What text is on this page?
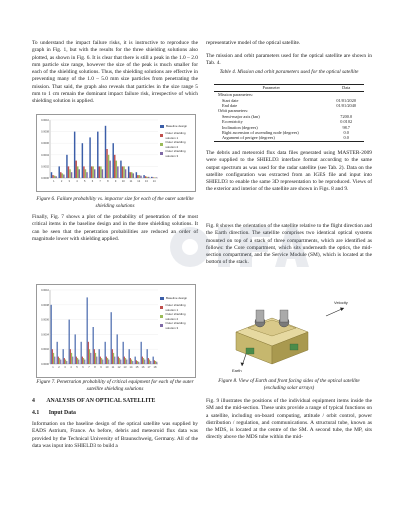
To understand the impact failure risks, it is instructive to reproduce the graph in Fig. 1, but with the results for the three shielding solutions also plotted, as shown in Fig. 6. It is clear that there is still a peak in the 1.0 – 2.0 mm particle size range, however the size of the peak is much smaller for each of the shielding solutions. Thus, the shielding solutions are effective in preventing many of the 1.0 – 5.0 mm size particles from penetrating the mission. That said, the graph also reveals that particles in the size range 5 mm to 1 cm remain the dominant impact failure risk, irrespective of which shielding solution is applied.

0.0000
0.0002
0.0004
0.0006
0.0008
0.0010
1 2 3 4 5 6 7 8 9 10 11 12 13 14
Baseline design
Outer shielding solution 1
Outer shielding solution 2
Outer shielding solution 3

Figure 6. Failure probability vs. impactor size for each of the outer satellite shielding solutions

Finally, Fig. 7 shows a plot of the probability of penetration of the most critical items in the baseline design and in the three shielding solutions. It can be seen that the penetration probabilities are reduced an order of magnitude lower with shielding applied.

0.0000
0.0002
0.0004
0.0006
0.0008
0.0010
1 2 3 4 5 6 7 8 9 10 11 12 13 14 15 16 17 18
Baseline design
Outer shielding solution 1
Outer shielding solution 2
Outer shielding solution 3

Figure 7. Penetration probability of critical equipment for each of the outer satellite shielding solutions

4 ANALYSIS OF AN OPTICAL SATELLITE
4.1 Input Data

Information on the baseline design of the optical satellite was supplied by EADS Astrium, France. As before, debris and meteoroid flux data was provided by the Technical University of Braunschweig, Germany. All of the data was input into SHIELD3 to build a

representative model of the optical satellite.

The mission and orbit parameters used for the optical satellite are shown in Tab. 4.

Table 4. Mission and orbit parameters used for the optical satellite

Parameter	Data
Mission parameters:	
Start date	01/01/2020
End date	01/01/2040
Orbit parameters:	
Semi-major axis (km)	7200.0
Eccentricity	0.0102
Inclination (degrees)	98.7
Right ascension of ascending node (degrees)	0.0
Argument of perigee (degrees)	0.0

The debris and meteoroid flux data files generated using MASTER-2009 were supplied to the SHIELD3 interface format according to the same output spectrum as was used for the radar satellite (see Tab. 2). Data on the satellite configuration was extracted from an IGES file and input into SHIELD3 to enable the same 3D representation to be reproduced. Views of the exterior and interior of the satellite are shown in Figs. 8 and 9.

Fig. 8 shows the orientation of the satellite relative to the flight direction and the Earth direction. The satellite comprises two identical optical systems mounted on top of a stack of three compartments, which are identified as follows: the Core compartment, which sits underneath the optics, the mid-section compartment, and the Service Module (SM), which is located at the bottom of the stack.

Velocity
Earth

Figure 8. View of Earth and front facing sides of the optical satellite (excluding solar arrays)

Fig. 9 illustrates the positions of the individual equipment items inside the SM and the mid-section. These units provide a range of typical functions on a satellite, including on-board computing, attitude / orbit control, power distribution / regulation, and communications. A structural tube, known as the MDS, is located at the centre of the SM. A second tube, the MP, sits directly above the MDS tube within the mid-
